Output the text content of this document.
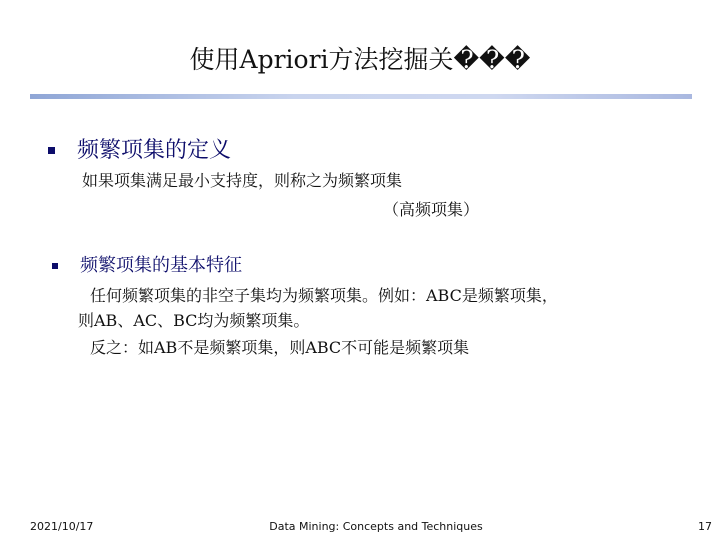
使用Apriori方法挖掘关���
频繁项集的定义
如果项集满足最小支持度，则称之为频繁项集
（高频项集）
频繁项集的基本特征
任何频繁项集的非空子集均为频繁项集。例如：ABC是频繁项集，
则AB、AC、BC均为频繁项集。
反之：如AB不是频繁项集，则ABC不可能是频繁项集
2021/10/17	Data Mining: Concepts and Techniques	17
